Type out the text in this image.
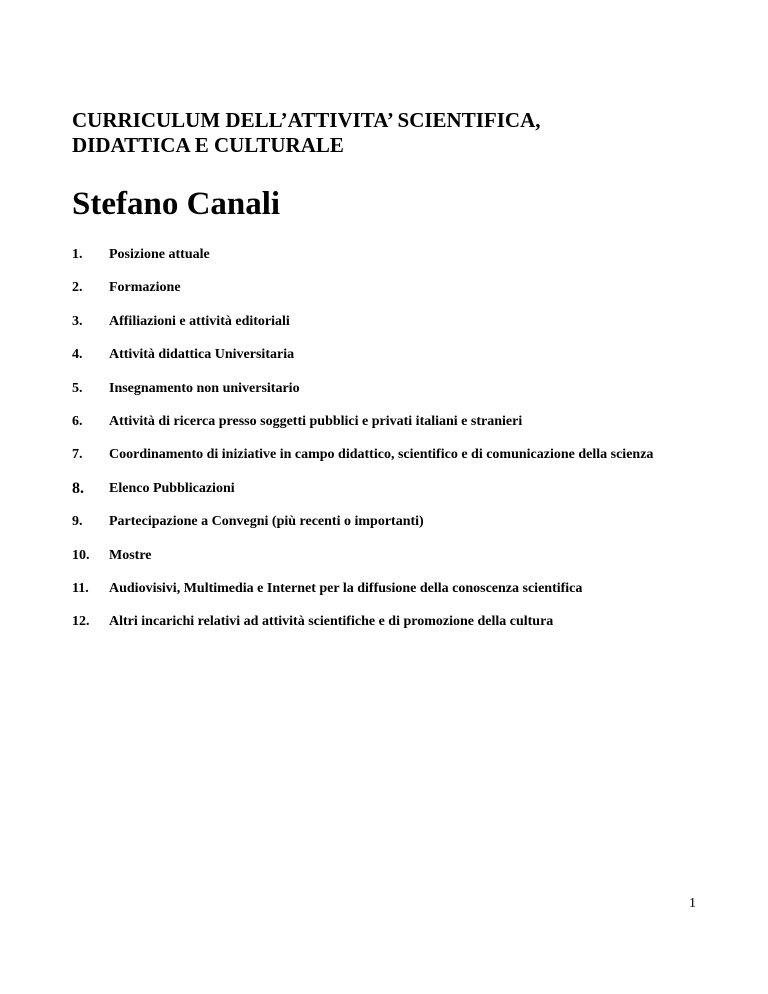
CURRICULUM DELL’ATTIVITA’ SCIENTIFICA,
DIDATTICA E CULTURALE
Stefano Canali
1.	Posizione attuale
2.	Formazione
3.	Affiliazioni e attività editoriali
4.	Attività didattica Universitaria
5.	Insegnamento non universitario
6.	Attività di ricerca presso soggetti pubblici e privati italiani e stranieri
7.	Coordinamento di iniziative in campo didattico, scientifico e di comunicazione della scienza
8.	Elenco Pubblicazioni
9.	Partecipazione a Convegni (più recenti o importanti)
10.	Mostre
11.	Audiovisivi, Multimedia e Internet per la diffusione della conoscenza scientifica
12.	Altri incarichi relativi ad attività scientifiche e di promozione della cultura
1
